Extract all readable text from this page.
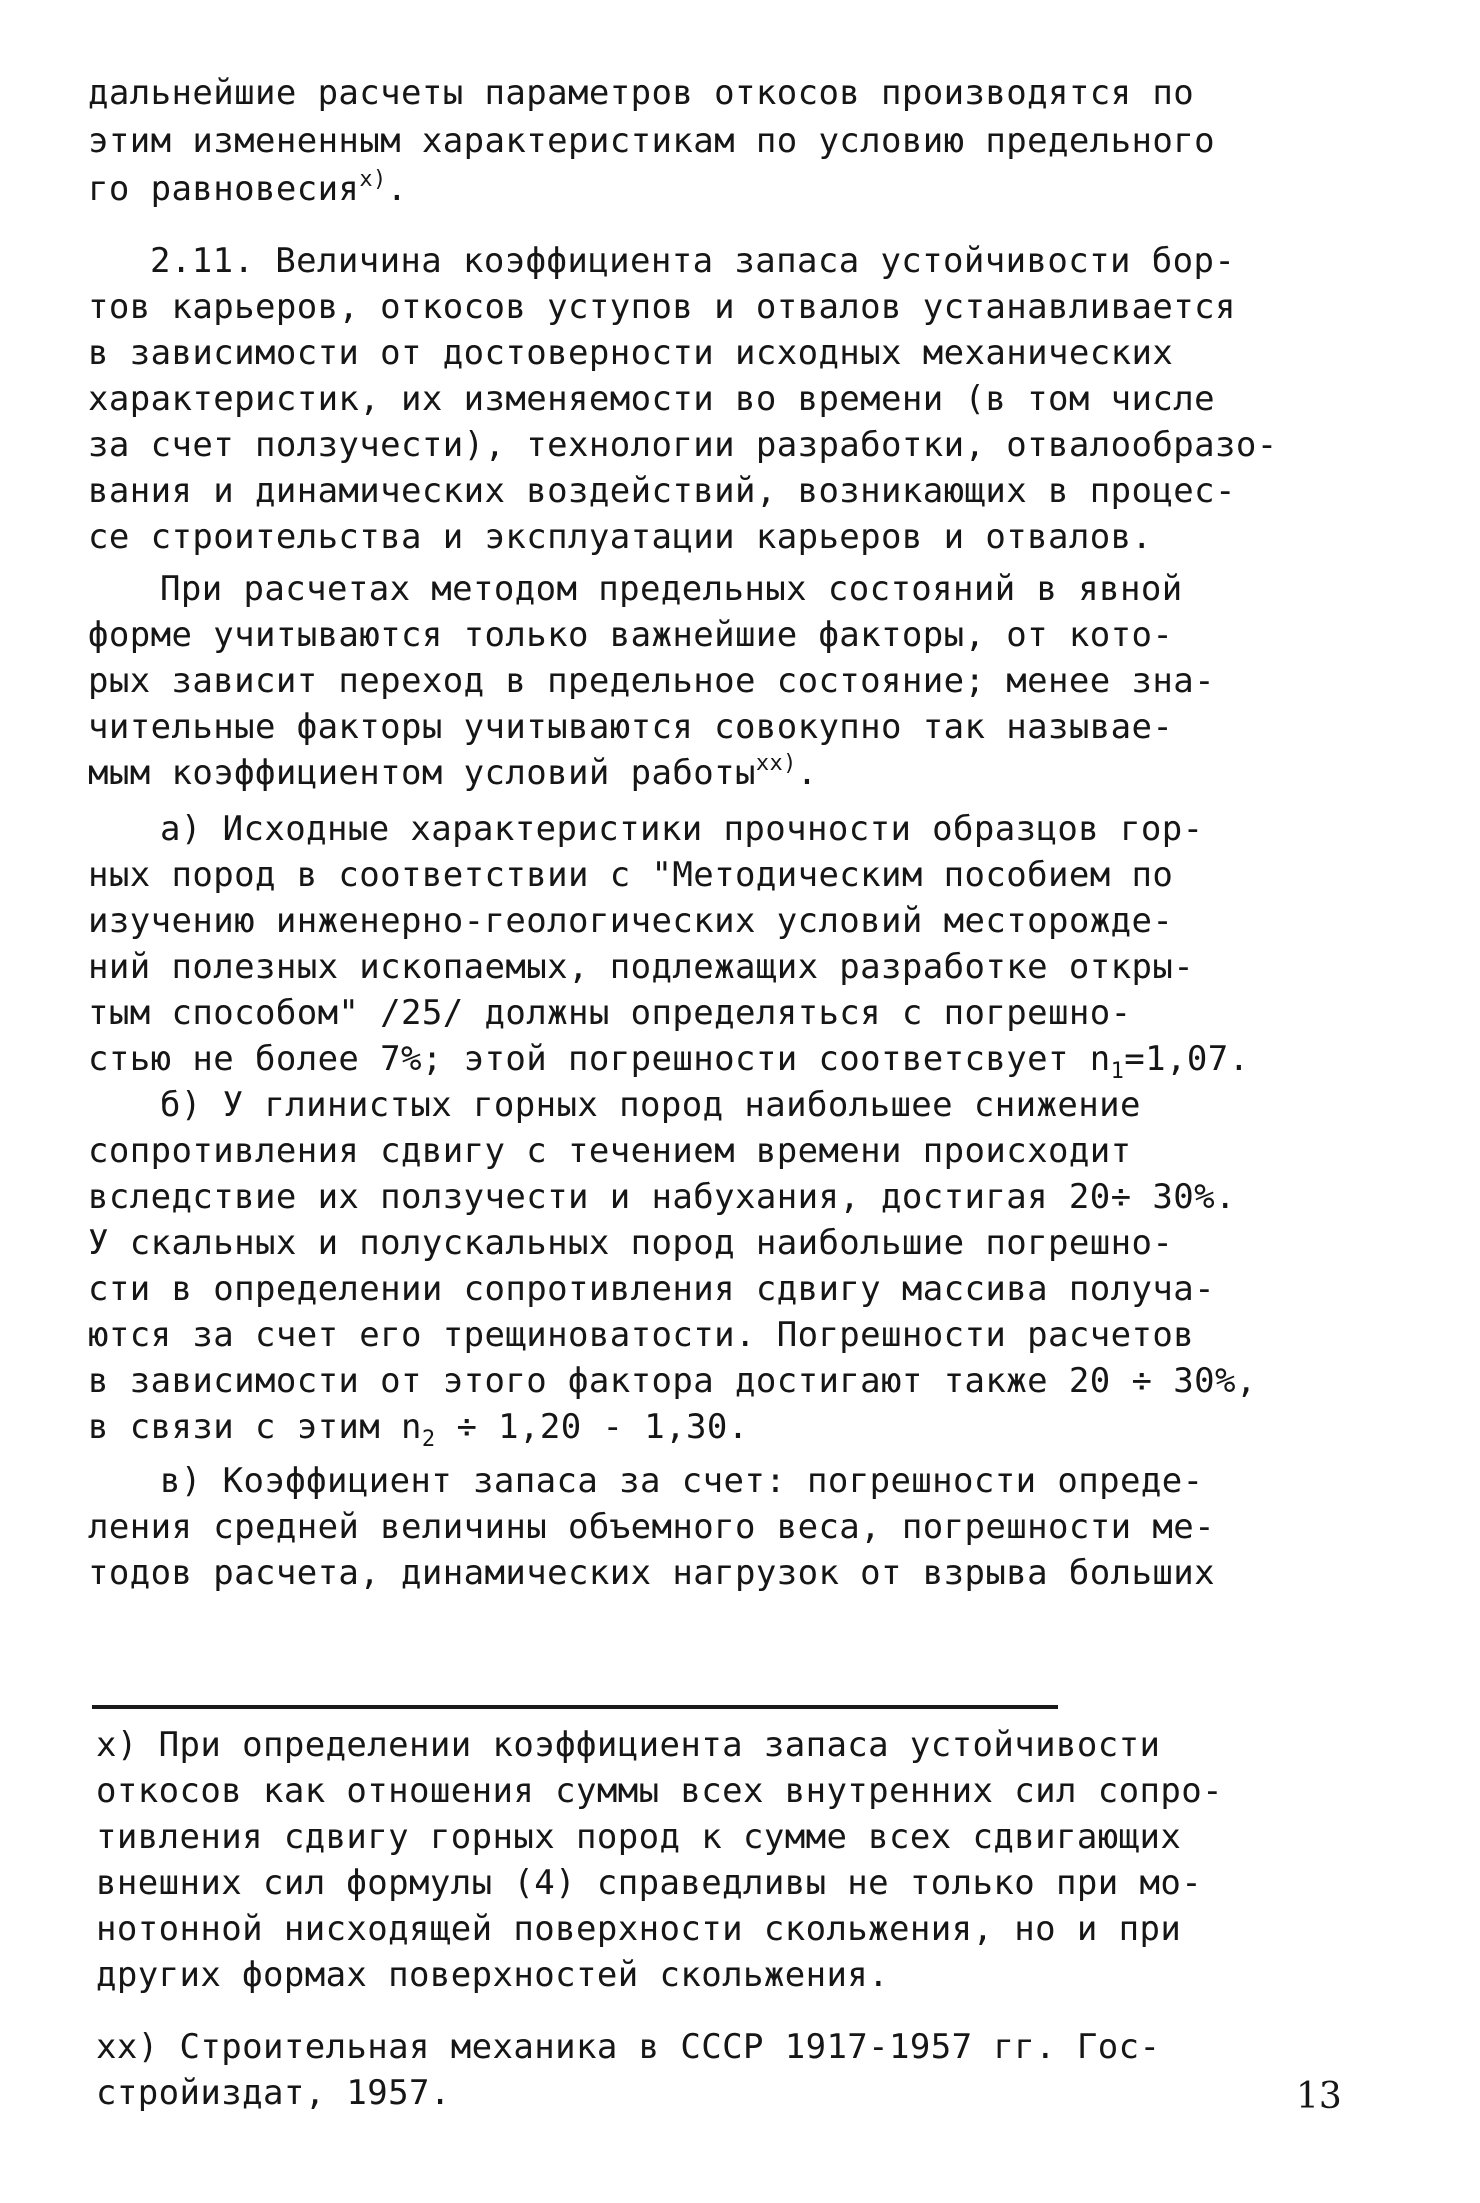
дальнейшие расчеты параметров откосов производятся по
этим измененным характеристикам по условию предельного
го равновесия$^{x)}$.
2.11. Величина коэффициента запаса устойчивости бор-
тов карьеров, откосов уступов и отвалов устанавливается
в зависимости от достоверности исходных механических
характеристик, их изменяемости во времени (в том числе
за счет ползучести), технологии разработки, отвалообразо-
вания и динамических воздействий, возникающих в процес-
се строительства и эксплуатации карьеров и отвалов.
При расчетах методом предельных состояний в явной
форме учитываются только важнейшие факторы, от кото-
рых зависит переход в предельное состояние; менее зна-
чительные факторы учитываются совокупно так называе-
мым коэффициентом условий работы$^{xx)}$.
а) Исходные характеристики прочности образцов гор-
ных пород в соответствии с "Методическим пособием по
изучению инженерно-геологических условий месторожде-
ний полезных ископаемых, подлежащих разработке откры-
тым способом" /25/ должны определяться с погрешно-
стью не более 7%; этой погрешности соответсвует $n_1=1,07$.
б) У глинистых горных пород наибольшее снижение
сопротивления сдвигу с течением времени происходит
вследствие их ползучести и набухания, достигая 20÷ 30%.
У скальных и полускальных пород наибольшие погрешно-
сти в определении сопротивления сдвигу массива получа-
ются за счет его трещиноватости. Погрешности расчетов
в зависимости от этого фактора достигают также 20 ÷ 30%,
в связи с этим $n_2 \div 1,20 - 1,30$.
в) Коэффициент запаса за счет: погрешности опреде-
ления средней величины объемного веса, погрешности ме-
тодов расчета, динамических нагрузок от взрыва больших
x) При определении коэффициента запаса устойчивости
откосов как отношения суммы всех внутренних сил сопро-
тивления сдвигу горных пород к сумме всех сдвигающих
внешних сил формулы (4) справедливы не только при мо-
нотонной нисходящей поверхности скольжения, но и при
других формах поверхностей скольжения.
xx) Строительная механика в СССР 1917-1957 гг. Гос-
стройиздат, 1957.	13
